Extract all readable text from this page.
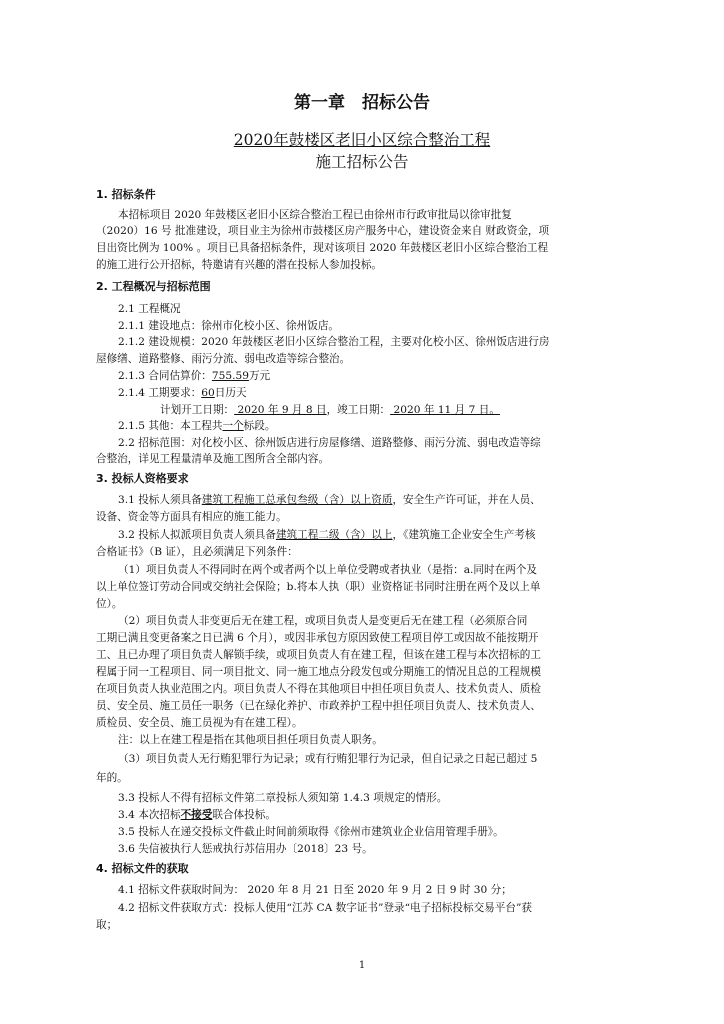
第一章　招标公告
2020年鼓楼区老旧小区综合整治工程
施工招标公告
1. 招标条件
本招标项目 2020 年鼓楼区老旧小区综合整治工程已由徐州市行政审批局以徐审批复
（2020）16 号 批准建设，项目业主为徐州市鼓楼区房产服务中心，建设资金来自 财政资金，项
目出资比例为 100% 。项目已具备招标条件，现对该项目 2020 年鼓楼区老旧小区综合整治工程
的施工进行公开招标，特邀请有兴趣的潜在投标人参加投标。
2. 工程概况与招标范围
2.1 工程概况
2.1.1 建设地点：徐州市化校小区、徐州饭店。
2.1.2 建设规模：2020 年鼓楼区老旧小区综合整治工程，主要对化校小区、徐州饭店进行房
屋修缮、道路整修、雨污分流、弱电改造等综合整治。
2.1.3 合同估算价：755.59万元
2.1.4 工期要求：60日历天
计划开工日期： 2020 年 9 月 8 日，竣工日期： 2020 年 11 月 7 日。
2.1.5 其他：本工程共一个标段。
2.2 招标范围：对化校小区、徐州饭店进行房屋修缮、道路整修、雨污分流、弱电改造等综
合整治，详见工程量清单及施工图所含全部内容。
3. 投标人资格要求
3.1 投标人须具备建筑工程施工总承包叁级（含）以上资质，安全生产许可证，并在人员、
设备、资金等方面具有相应的施工能力。
3.2 投标人拟派项目负责人须具备建筑工程二级（含）以上，《建筑施工企业安全生产考核
合格证书》（B 证），且必须满足下列条件：
（1）项目负责人不得同时在两个或者两个以上单位受聘或者执业（是指：a.同时在两个及
以上单位签订劳动合同或交纳社会保险；b.将本人执（职）业资格证书同时注册在两个及以上单
位）。
（2）项目负责人非变更后无在建工程，或项目负责人是变更后无在建工程（必须原合同
工期已满且变更备案之日已满 6 个月），或因非承包方原因致使工程项目停工或因故不能按期开
工、且已办理了项目负责人解锁手续，或项目负责人有在建工程，但该在建工程与本次招标的工
程属于同一工程项目、同一项目批文、同一施工地点分段发包或分期施工的情况且总的工程规模
在项目负责人执业范围之内。项目负责人不得在其他项目中担任项目负责人、技术负责人、质检
员、安全员、施工员任一职务（已在绿化养护、市政养护工程中担任项目负责人、技术负责人、
质检员、安全员、施工员视为有在建工程）。
注：以上在建工程是指在其他项目担任项目负责人职务。
（3）项目负责人无行贿犯罪行为记录；或有行贿犯罪行为记录，但自记录之日起已超过 5
年的。
3.3 投标人不得有招标文件第二章投标人须知第 1.4.3 项规定的情形。
3.4 本次招标不接受联合体投标。
3.5 投标人在递交投标文件截止时间前须取得《徐州市建筑业企业信用管理手册》。
3.6 失信被执行人惩戒执行苏信用办〔2018〕23 号。
4. 招标文件的获取
4.1 招标文件获取时间为： 2020 年 8 月 21 日至 2020 年 9 月 2 日 9 时 30 分；
4.2 招标文件获取方式：投标人使用“江苏 CA 数字证书”登录“电子招标投标交易平台”获
取；
1
